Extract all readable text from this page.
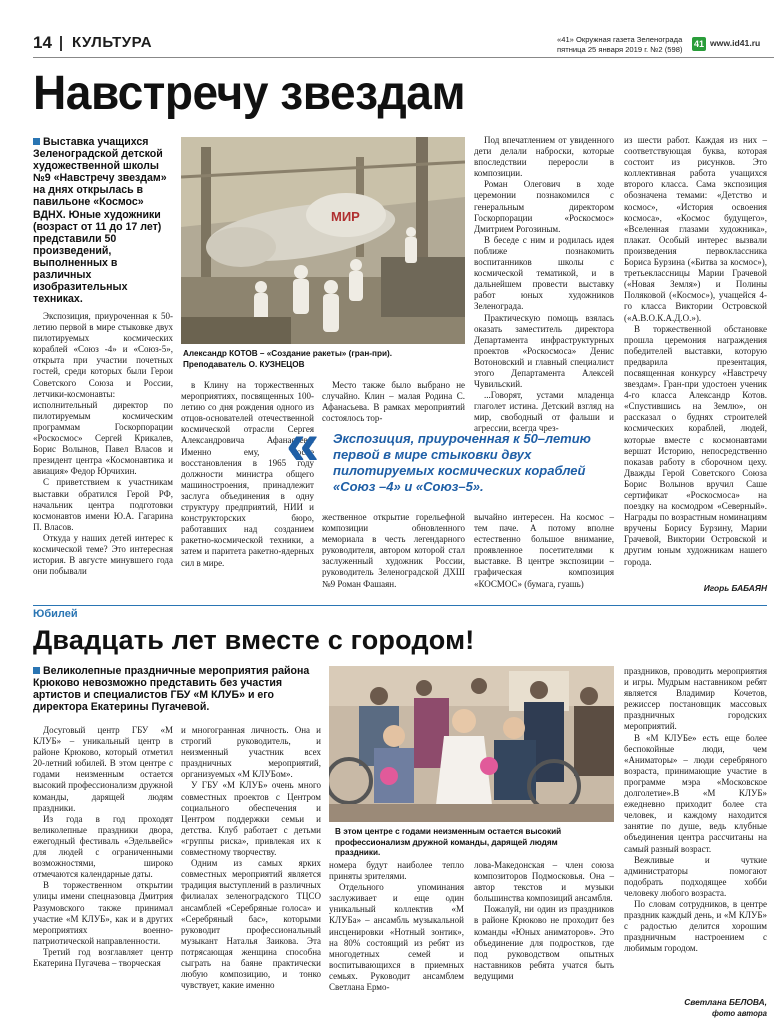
14 КУЛЬТУРА	«41» Окружная газета Зеленограда
пятница 25 января 2019 г. №2 (598)
41 www.id41.ru
Навстречу звездам
Выставка учащихся Зеленоградской детской художественной школы №9 «Навстречу звездам» на днях открылась в павильоне «Космос» ВДНХ. Юные художники (возраст от 11 до 17 лет) представили 50 произведений, выполненных в различных изобразительных техниках.
МИР
Александр КОТОВ – «Создание ракеты» (гран-при). Преподаватель О. КУЗНЕЦОВ

Экспозиция, приуроченная к 50-летию первой в мире стыковке двух пилотируемых космических кораблей «Союз -4» и «Союз-5», открыта при участии почетных гостей, среди которых были Герои Советского Союза и России, летчики-космонавты: исполнительный директор по пилотируемым космическим программам Госкорпорации «Роскосмос» Сергей Крикалев, Борис Волынов, Павел Власов и президент центра «Космонавтика и авиация» Федор Юрчихин.

С приветствием к участникам выставки обратился Герой РФ, начальник центра подготовки космонавтов имени Ю.А. Гагарина П. Власов.

Откуда у наших детей интерес к космической теме? Это интересная история. В августе минувшего года они побывали

в Клину на торжественных мероприятиях, посвященных 100-летию со дня рождения одного из отцов-основателей отечественной космической отрасли Сергея Александровича Афанасьева. Именно ему, после восстановления в 1965 году должности министра общего машиностроения, принадлежит заслуга объединения в одну структуру предприятий, НИИ и конструкторских бюро, работавших над созданием ракетно-космической техники, а затем и паритета ракетно-ядерных сил в мире.

Место также было выбрано не случайно. Клин – малая Родина С. Афанасьева. В рамках мероприятий состоялось тор-

« Экспозиция, приуроченная к 50–летию первой в мире стыковки двух пилотируемых космических кораблей «Союз –4» и «Союз–5».

жественное открытие горельефной композиции обновленного мемориала в честь легендарного руководителя, автором которой стал заслуженный художник России, руководитель Зеленоградской ДХШ №9 Роман Фашаян.

Под впечатлением от увиденного дети делали наброски, которые впоследствии переросли в композиции.

Роман Олегович в ходе церемонии познакомился с генеральным директором Госкорпорации «Роскосмос» Дмитрием Рогозиным.

В беседе с ним и родилась идея поближе познакомить воспитанников школы с космической тематикой, и в дальнейшем провести выставку работ юных художников Зеленограда.

Практическую помощь взялась оказать заместитель директора Департамента инфраструктурных проектов «Роскосмоса» Денис Вотоновский и главный специалист этого Департамента Алексей Чувильский.

...Говорят, устами младенца глаголет истина. Детский взгляд на мир, свободный от фальши и агрессии, всегда чрез-

вычайно интересен. На космос – тем паче. А потому вполне естественно большое внимание, проявленное посетителями к выставке. В центре экспозиции – графическая композиция «КОСМОС» (бумага, гуашь)

из шести работ. Каждая из них – соответствующая буква, которая состоит из рисунков. Это коллективная работа учащихся второго класса. Сама экспозиция обозначена темами: «Детство и космос», «История освоения космоса», «Космос будущего», «Вселенная глазами художника», плакат. Особый интерес вызвали произведения первоклассника Бориса Бурзина («Битва за космос»), третьеклассницы Марии Грачевой («Новая Земля») и Полины Поляковой («Космос»), учащейся 4-го класса Виктории Островской («А.В.О.К.А.Д.О.»).

В торжественной обстановке прошла церемония награждения победителей выставки, которую предварила презентация, посвященная конкурсу «Навстречу звездам». Гран-при удостоен ученик 4-го класса Александр Котов. «Спустившись на Землю», он рассказал о буднях строителей космических кораблей, людей, которые вместе с космонавтами вершат Историю, непосредственно показав работу в сборочном цеху. Дважды Герой Советского Союза Борис Волынов вручил Саше сертификат «Роскосмоса» на поездку на космодром «Северный». Награды по возрастным номинациям вручены Борису Бурзину, Марии Грачевой, Виктории Островской и другим юным художникам нашего города.

Игорь БАБАЯН
Юбилей
Двадцать лет вместе с городом!
Великолепные праздничные мероприятия района Крюково невозможно представить без участия артистов и специалистов ГБУ «М КЛУБ» и его директора Екатерины Пугачевой.

Досуговый центр ГБУ «М КЛУБ» – уникальный центр в районе Крюково, который отметил 20-летний юбилей. В этом центре с годами неизменным остается высокий профессионализм дружной команды, дарящей людям праздники.

Из года в год проходят великолепные праздники двора, ежегодный фестиваль «Эдельвейс» для людей с ограниченными возможностями, широко отмечаются календарные даты.

В торжественном открытии улицы имени спецназовца Дмитрия Разумовского также принимал участие «М КЛУБ», как и в других мероприятиях военно-патриотической направленности.

Третий год возглавляет центр Екатерина Пугачева – творческая

и многогранная личность. Она и строгий руководитель, и неизменный участник всех праздничных мероприятий, организуемых «М КЛУБом».

У ГБУ «М КЛУБ» очень много совместных проектов с Центром социального обеспечения и Центром поддержки семьи и детства. Клуб работает с детьми «группы риска», привлекая их к совместному творчеству.

Одним из самых ярких совместных мероприятий является традиция выступлений в различных филиалах зеленоградского ТЦСО ансамблей «Серебряные голоса» и «Серебряный бас», которыми руководит профессиональный музыкант Наталья Заикова. Эта потрясающая женщина способна сыграть на баяне практически любую композицию, и тонко чувствует, какие именно

В этом центре с годами неизменным остается высокий профессионализм дружной команды, дарящей людям праздники.

номера будут наиболее тепло приняты зрителями.

Отдельного упоминания заслуживает и еще один уникальный коллектив «М КЛУБа» – ансамбль музыкальной инсценировки «Нотный зонтик», на 80% состоящий из ребят из многодетных семей и воспитывающихся в приемных семьях. Руководит ансамблем Светлана Ермо-

лова-Македонская – член союза композиторов Подмосковья. Она – автор текстов и музыки большинства композиций ансамбля.

Пожалуй, ни один из праздников в районе Крюково не проходит без команды «Юных аниматоров». Это объединение для подростков, где под руководством опытных наставников ребята учатся быть ведущими

праздников, проводить мероприятия и игры. Мудрым наставником ребят является Владимир Кочетов, режиссер постановщик массовых праздничных городских мероприятий.

В «М КЛУБе» есть еще более беспокойные люди, чем «Аниматоры» – люди серебряного возраста, принимающие участие в программе мэра «Московское долголетие».В «М КЛУБ» ежедневно приходит более ста человек, и каждому находится занятие по душе, ведь клубные объединения центра рассчитаны на самый разный возраст.

Вежливые и чуткие администраторы помогают подобрать подходящее хобби человеку любого возраста.

По словам сотрудников, в центре праздник каждый день, и «М КЛУБ» с радостью делится хорошим праздничным настроением с любимым городом.

Светлана БЕЛОВА,
фото автора
